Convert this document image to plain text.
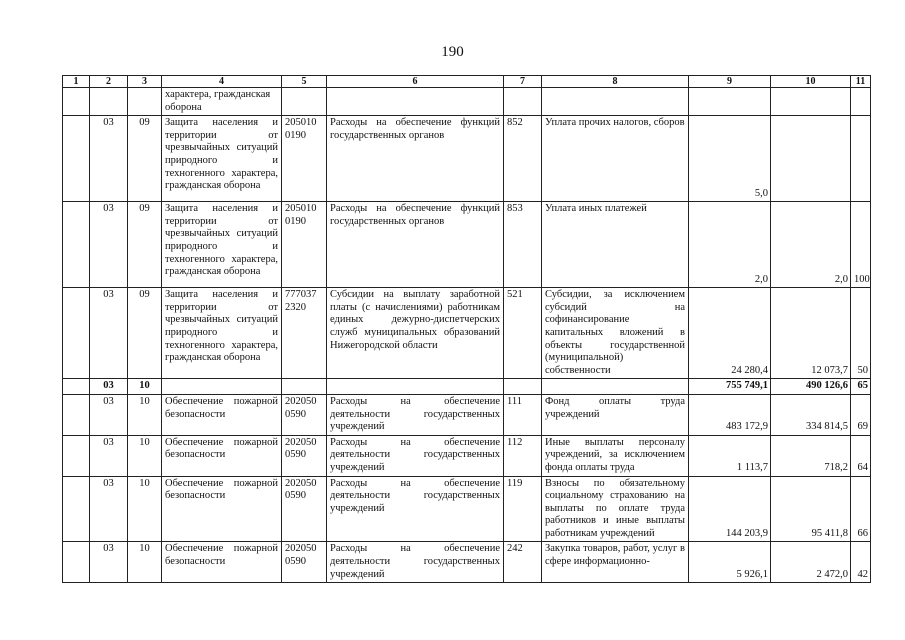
190
1	2	3	4	5	6	7	8	9	10	11
			характера, гражданская
оборона							
	03	09	Защита населения и территории от чрезвычайных ситуаций природного и техногенного характера, гражданская оборона	205010
0190	Расходы на обеспечение функций государственных органов	852	Уплата прочих налогов, сборов	5,0		
	03	09	Защита населения и территории от чрезвычайных ситуаций природного и техногенного характера, гражданская оборона	205010
0190	Расходы на обеспечение функций государственных органов	853	Уплата иных платежей	2,0	2,0	100
	03	09	Защита населения и территории от чрезвычайных ситуаций природного и техногенного характера, гражданская оборона	777037
2320	Субсидии на выплату заработной платы (с начислениями) работникам единых дежурно-диспетчерских служб муниципальных образований Нижегородской области	521	Субсидии, за исключением субсидий на софинансирование капитальных вложений в объекты государственной (муниципальной) собственности	24 280,4	12 073,7	50
	03	10						755 749,1	490 126,6	65
	03	10	Обеспечение пожарной безопасности	202050
0590	Расходы на обеспечение деятельности государственных учреждений	111	Фонд оплаты труда учреждений	483 172,9	334 814,5	69
	03	10	Обеспечение пожарной безопасности	202050
0590	Расходы на обеспечение деятельности государственных учреждений	112	Иные выплаты персоналу учреждений, за исключением фонда оплаты труда	1 113,7	718,2	64
	03	10	Обеспечение пожарной безопасности	202050
0590	Расходы на обеспечение деятельности государственных учреждений	119	Взносы по обязательному социальному страхованию на выплаты по оплате труда работников и иные выплаты работникам учреждений	144 203,9	95 411,8	66
	03	10	Обеспечение пожарной безопасности	202050
0590	Расходы на обеспечение деятельности государственных учреждений	242	Закупка товаров, работ, услуг в сфере информационно-	5 926,1	2 472,0	42
